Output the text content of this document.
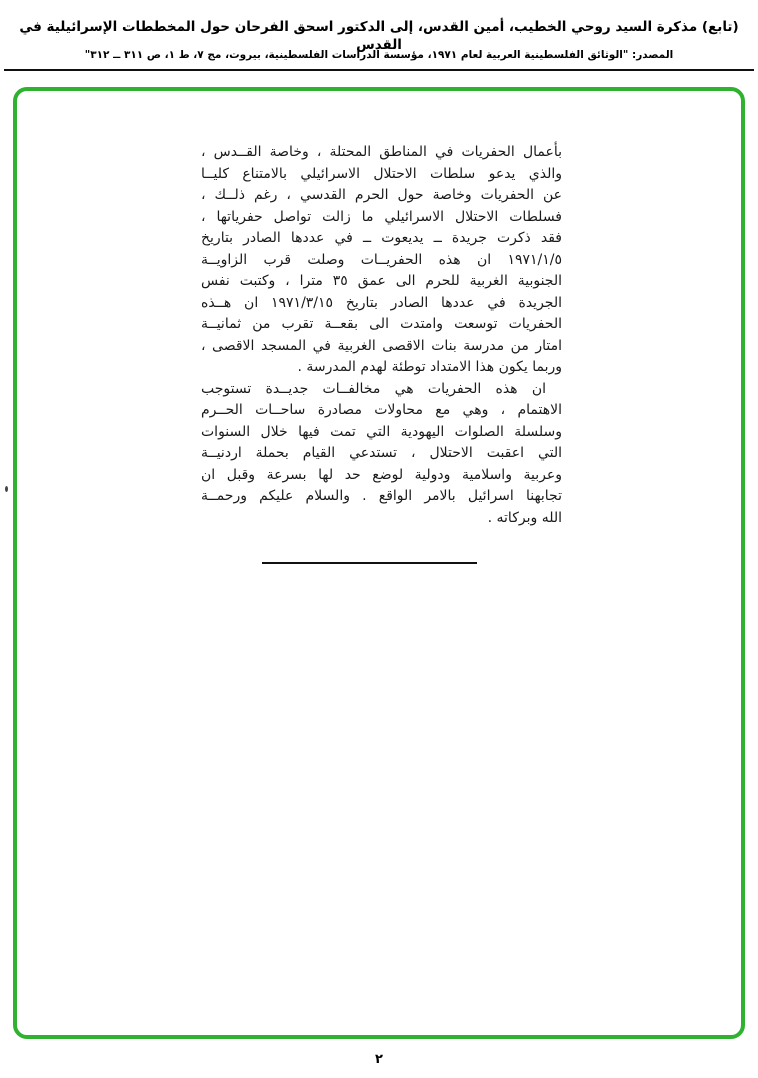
(تابع) مذكرة السيد روحي الخطيب، أمين القدس، إلى الدكتور اسحق الفرحان حول المخططات الإسرائيلية في القدس
المصدر: "الوثائق الفلسطينية العربية لعام ١٩٧١، مؤسسة الدراسات الفلسطينية، بيروت، مج ٧، ط ١، ص ٣١١ ــ ٣١٢"
بأعمال الحفريات في المناطق المحتلة ، وخاصة القــدس ،
والذي يدعو سلطات الاحتلال الاسرائيلي بالامتناع كليــا
عن الحفريات وخاصة حول الحرم القدسي ، رغم ذلــك ،
فسلطات الاحتلال الاسرائيلي ما زالت تواصل حفرياتها ،
فقد ذكرت جريدة ــ يديعوت ــ في عددها الصادر بتاريخ
١٩٧١/١/٥ ان هذه الحفريــات وصلت قرب الزاويــة
الجنوبية الغربية للحرم الى عمق ٣٥ مترا ، وكتبت نفس
الجريدة في عددها الصادر بتاريخ ١٩٧١/٣/١٥ ان هــذه
الحفريات توسعت وامتدت الى بقعــة تقرب من ثمانيــة
امتار من مدرسة بنات الاقصى الغربية في المسجد الاقصى ،
وربما يكون هذا الامتداد توطئة لهدم المدرسة .
ان هذه الحفريات هي مخالفــات جديــدة تستوجب
الاهتمام ، وهي مع محاولات مصادرة ساحــات الحــرم
وسلسلة الصلوات اليهودية التي تمت فيها خلال السنوات
التي اعقبت الاحتلال ، تستدعي القيام بحملة اردنيــة
وعربية واسلامية ودولية لوضع حد لها بسرعة وقبل ان
تجابهنا اسرائيل بالامر الواقع . والسلام عليكم ورحمــة
الله وبركاته .
٢
